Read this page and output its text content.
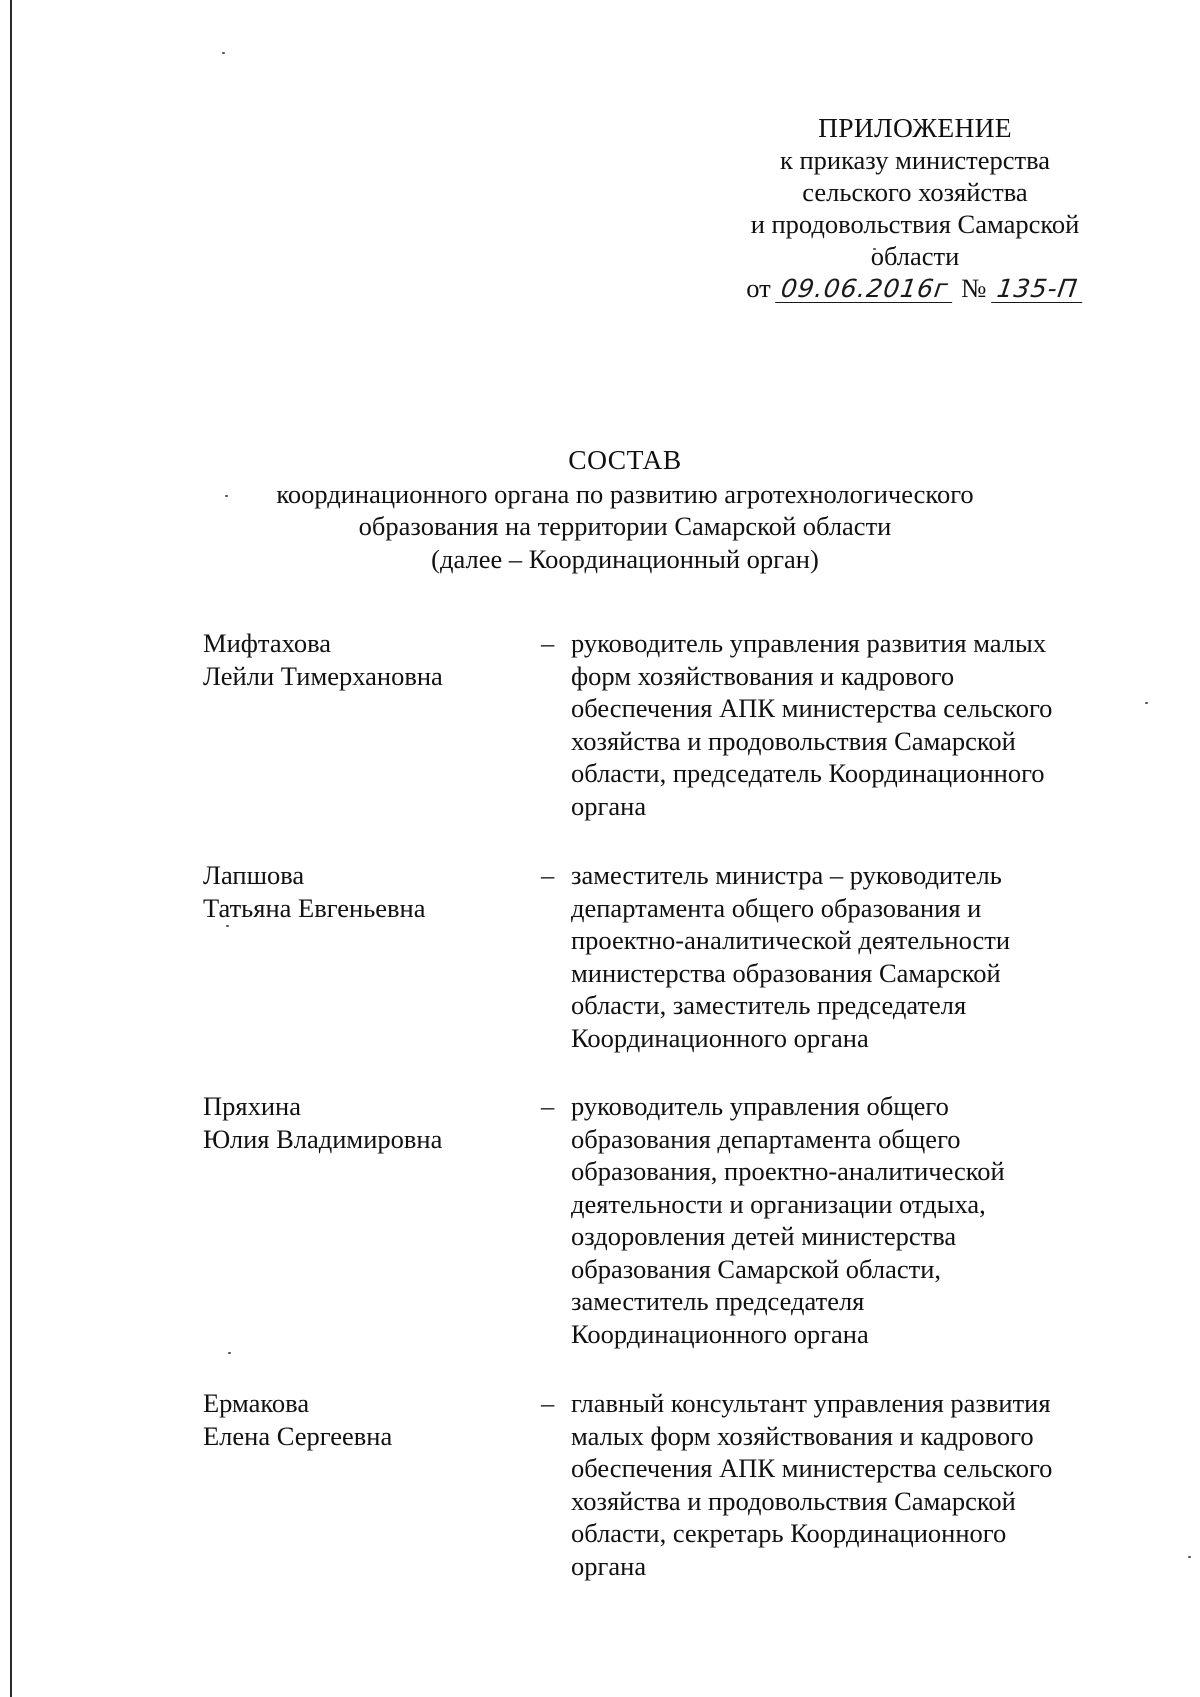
ПРИЛОЖЕНИЕ
к приказу министерства
сельского хозяйства
и продовольствия Самарской
области
от 09.06.2016г № 135-П
СОСТАВ
координационного органа по развитию агротехнологического
образования на территории Самарской области
(далее – Координационный орган)
Мифтахова
Лейли Тимерхановна
– руководитель управления развития малых
форм хозяйствования и кадрового
обеспечения АПК министерства сельского
хозяйства и продовольствия Самарской
области, председатель Координационного
органа
Лапшова
Татьяна Евгеньевна
– заместитель министра – руководитель
департамента общего образования и
проектно-аналитической деятельности
министерства образования Самарской
области, заместитель председателя
Координационного органа
Пряхина
Юлия Владимировна
– руководитель управления общего
образования департамента общего
образования, проектно-аналитической
деятельности и организации отдыха,
оздоровления детей министерства
образования Самарской области,
заместитель председателя
Координационного органа
Ермакова
Елена Сергеевна
– главный консультант управления развития
малых форм хозяйствования и кадрового
обеспечения АПК министерства сельского
хозяйства и продовольствия Самарской
области, секретарь Координационного
органа
